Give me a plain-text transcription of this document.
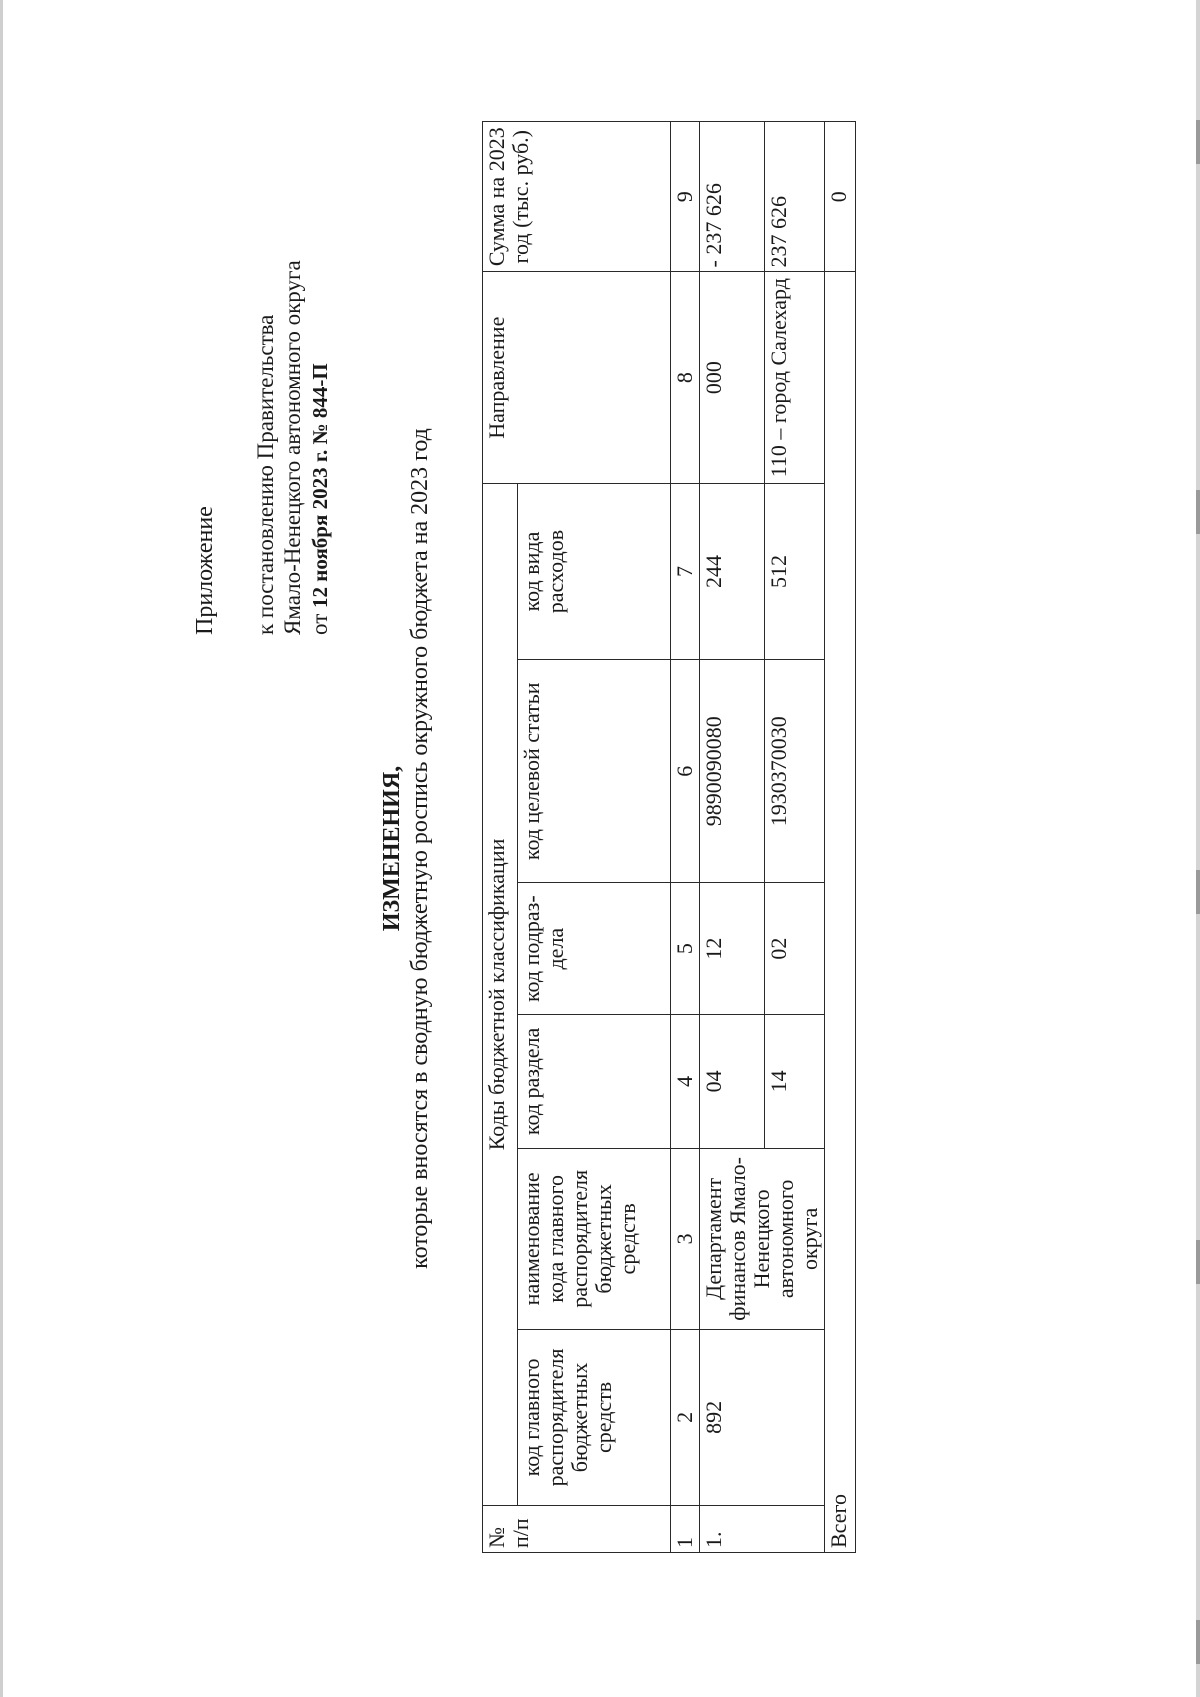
Приложение к постановлению Правительства Ямало-Ненецкого автономного округа от 12 ноября 2023 г. № 844-П
ИЗМЕНЕНИЯ, которые вносятся в сводную бюджетную роспись окружного бюджета на 2023 год
№ п/п	Коды бюджетной классификации						Направление	Сумма на 2023 год (тыс. руб.)
	код главного распорядителя бюджетных средств	наименование кода главного распорядителя бюджетных средств	код раздела	код подраз-дела	код целевой статьи	код вида расходов		
1	2	3	4	5	6	7	8	9
1.	892	Департамент финансов Ямало-Ненецкого автономного округа	04	12	9890090080	244	000	- 237 626
			14	02	1930370030	512	110 – город Салехард	237 626
Всего								0
